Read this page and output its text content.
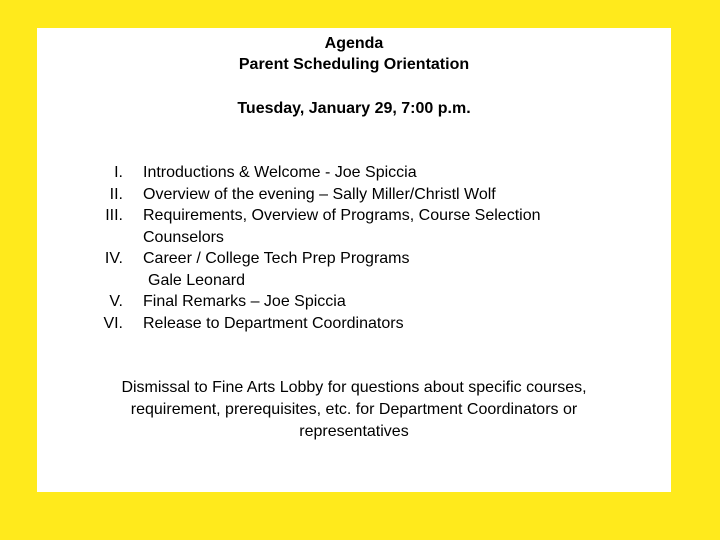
Agenda
Parent Scheduling Orientation
Tuesday, January 29, 7:00 p.m.
I. Introductions & Welcome - Joe Spiccia
II. Overview of the evening – Sally Miller/Christl Wolf
III. Requirements, Overview of Programs, Course Selection
Counselors
IV. Career / College Tech Prep Programs
Gale Leonard
V. Final Remarks – Joe Spiccia
VI. Release to Department Coordinators
Dismissal to Fine Arts Lobby for questions about specific courses, requirement, prerequisites, etc. for Department Coordinators or representatives
